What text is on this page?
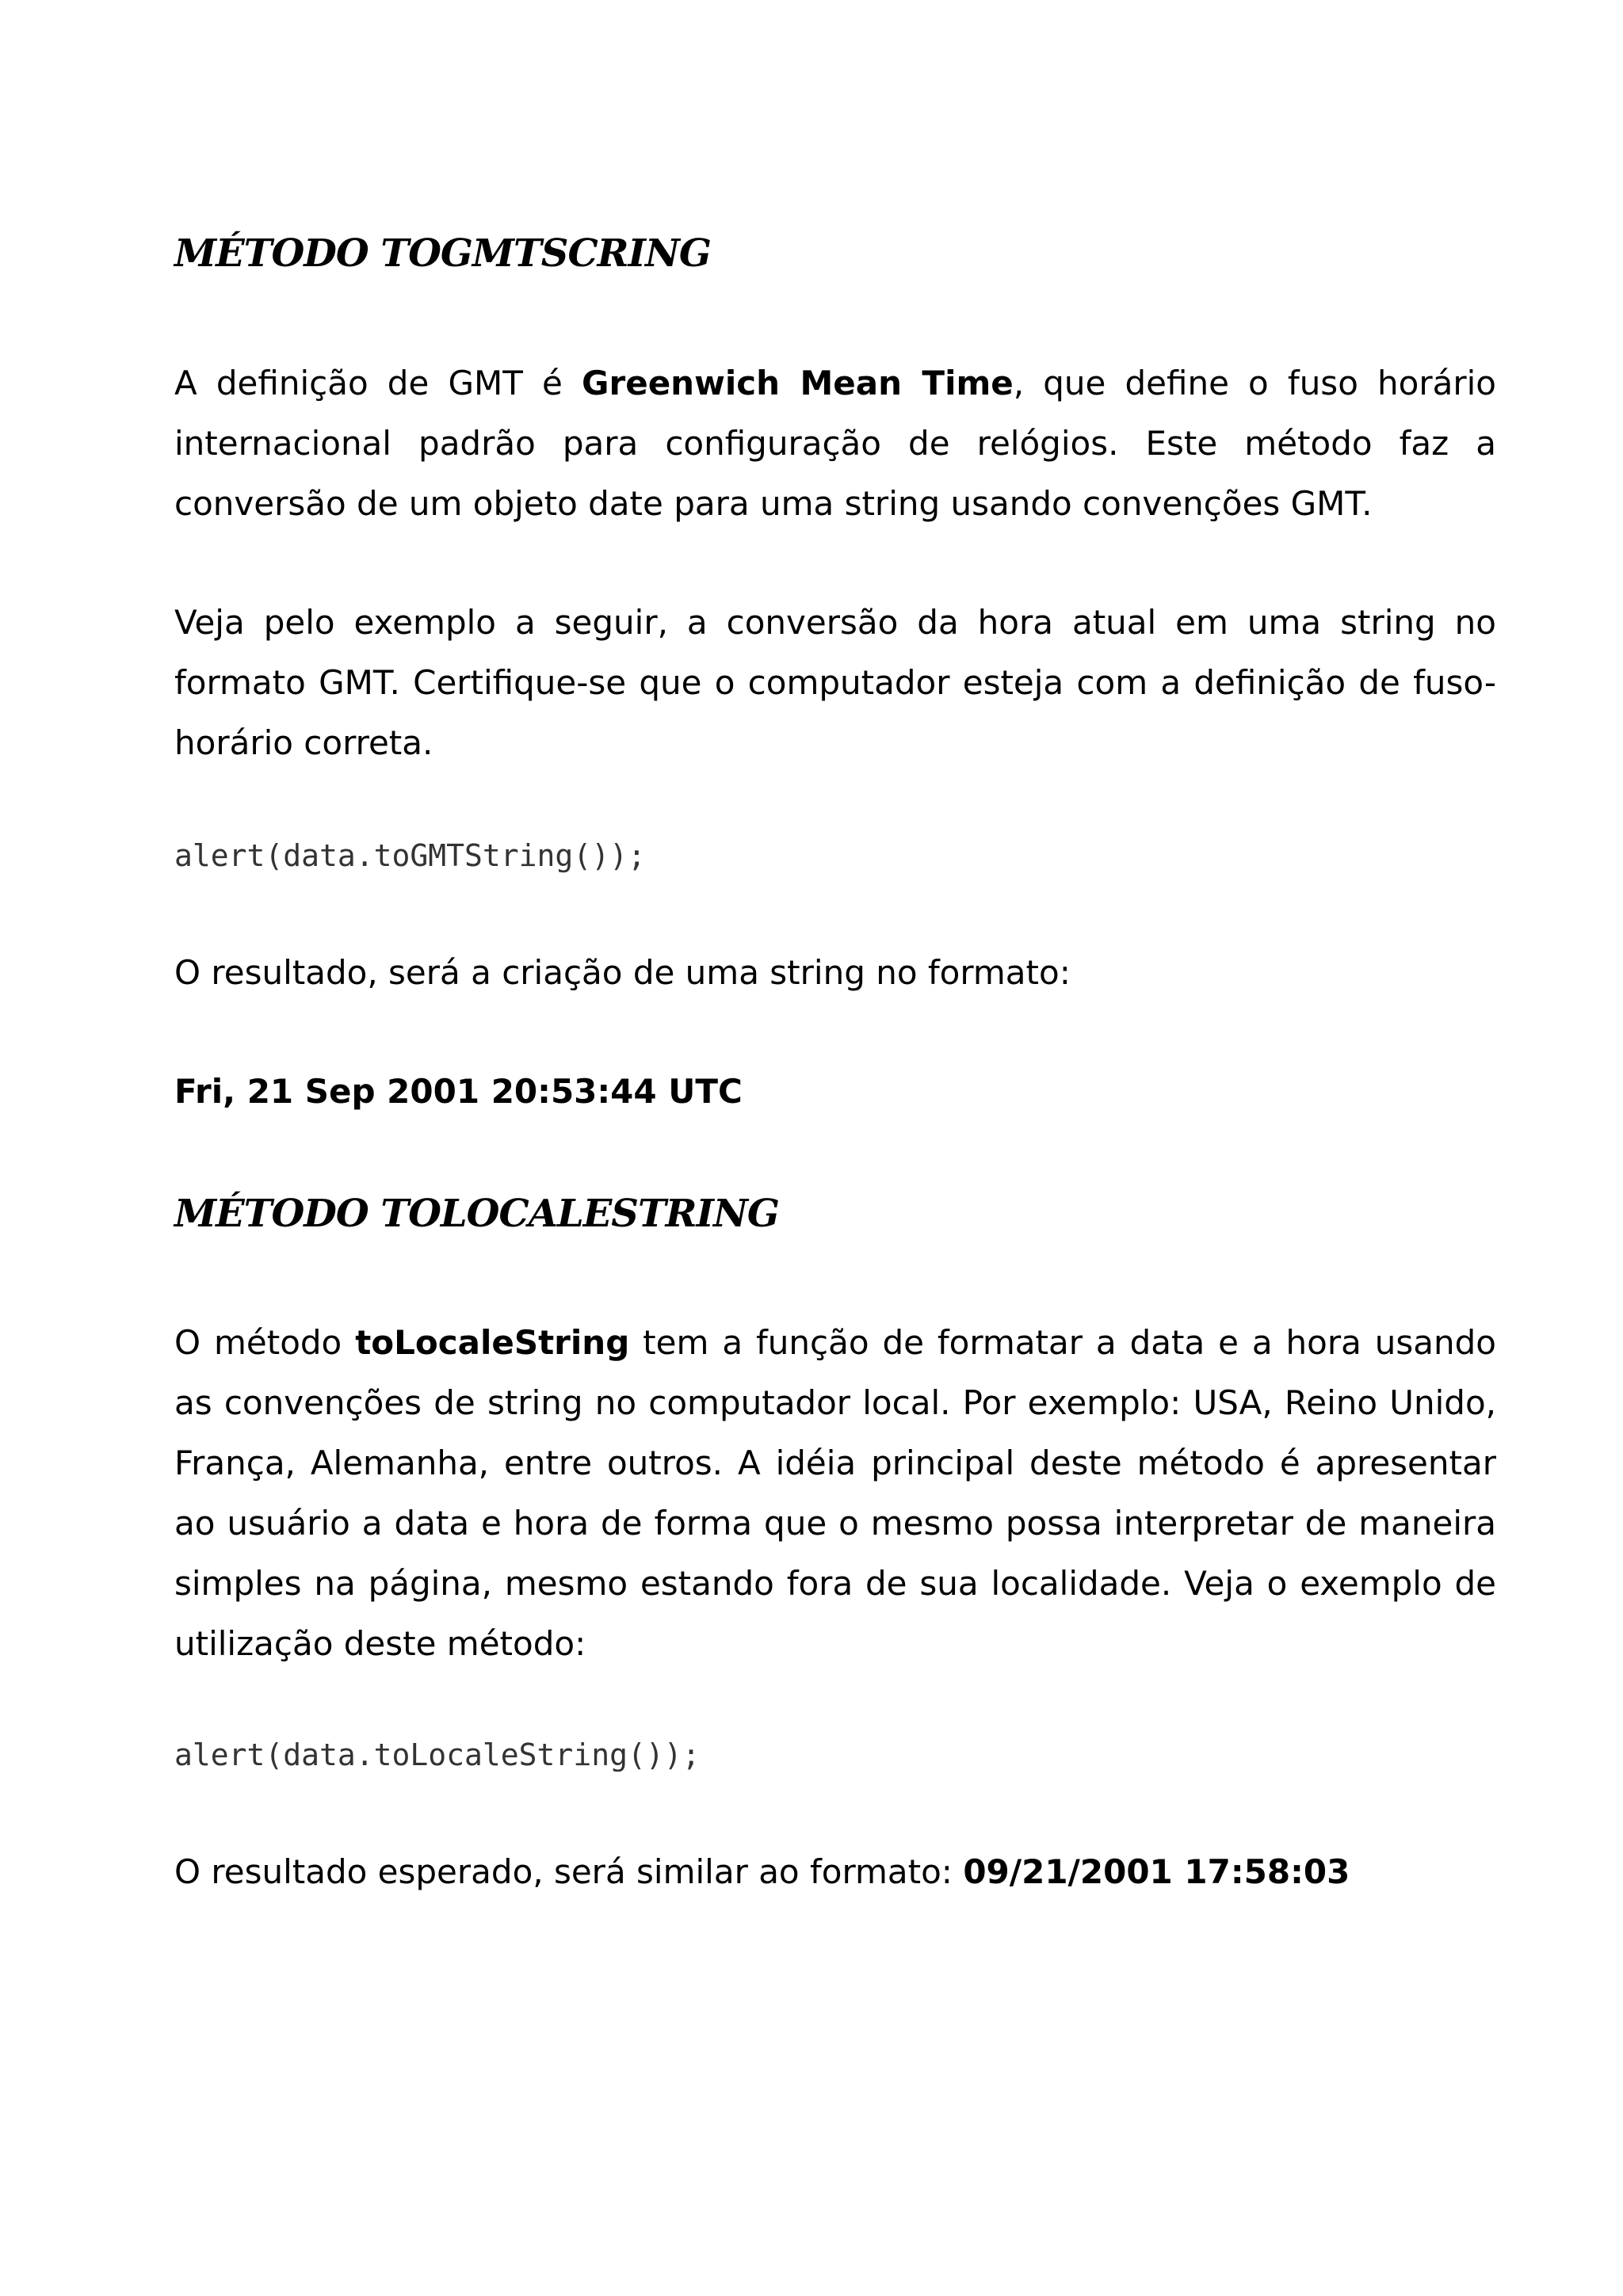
MÉTODO TOGMTSCRING
A definição de GMT é Greenwich Mean Time, que define o fuso horário
internacional padrão para configuração de relógios. Este método faz a
conversão de um objeto date para uma string usando convenções GMT.
Veja pelo exemplo a seguir, a conversão da hora atual em uma string no
formato GMT. Certifique-se que o computador esteja com a definição de fuso-
horário correta.
alert(data.toGMTString());
O resultado, será a criação de uma string no formato:
Fri, 21 Sep 2001 20:53:44 UTC
MÉTODO TOLOCALESTRING
O método toLocaleString tem a função de formatar a data e a hora usando
as convenções de string no computador local. Por exemplo: USA, Reino Unido,
França, Alemanha, entre outros. A idéia principal deste método é apresentar
ao usuário a data e hora de forma que o mesmo possa interpretar de maneira
simples na página, mesmo estando fora de sua localidade. Veja o exemplo de
utilização deste método:
alert(data.toLocaleString());
O resultado esperado, será similar ao formato: 09/21/2001 17:58:03
